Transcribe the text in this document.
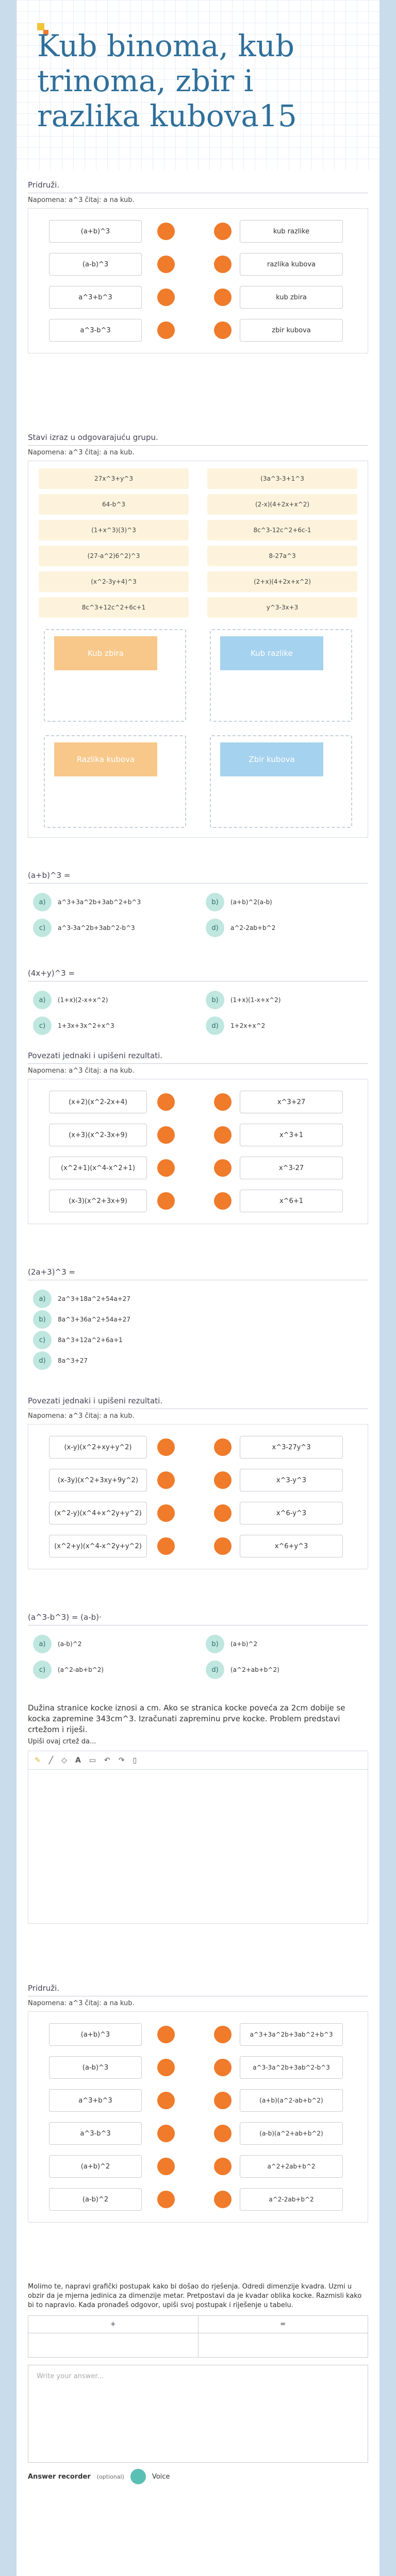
Kub binoma, kub trinoma, zbir i razlika kubova15
Pridruži.
Napomena: a^3 čitaj: a na kub.
(a+b)^3	kub razlike
(a-b)^3	razlika kubova
a^3+b^3	kub zbira
a^3-b^3	zbir kubova
Stavi izraz u odgovarajuću grupu.
Napomena: a^3 čitaj: a na kub.
27x^3+y^3	(3a^3-3+1^3
64-b^3	(2-x)(4+2x+x^2)
(1+x^3)(3)^3	8c^3-12c^2+6c-1
(27-a^2)6^2)^3	8-27a^3
(x^2-3y+4)^3	(2+x)(4+2x+x^2)
8c^3+12c^2+6c+1	y^3-3x+3
Kub zbira	Kub razlike
Razlika kubova	Zbir kubova
(a+b)^3 =
a)	a^3+3a^2b+3ab^2+b^3	b)	(a+b)^2(a-b)
c)	a^3-3a^2b+3ab^2-b^3	d)	a^2-2ab+b^2
(4x+y)^3 =
a)	(1+x)(2-x+x^2)	b)	(1+x)(1-x+x^2)
c)	1+3x+3x^2+x^3	d)	1+2x+x^2
Povezati jednaki i upišeni rezultati.
Napomena: a^3 čitaj: a na kub.
(x+2)(x^2-2x+4)	x^3+27
(x+3)(x^2-3x+9)	x^3+1
(x^2+1)(x^4-x^2+1)	x^3-27
(x-3)(x^2+3x+9)	x^6+1
(2a+3)^3 =
a)	2a^3+18a^2+54a+27
b)	8a^3+36a^2+54a+27
c)	8a^3+12a^2+6a+1
d)	8a^3+27
Povezati jednaki i upišeni rezultati.
Napomena: a^3 čitaj: a na kub.
(x-y)(x^2+xy+y^2)	x^3-27y^3
(x-3y)(x^2+3xy+9y^2)	x^3-y^3
(x^2-y)(x^4+x^2y+y^2)	x^6-y^3
(x^2+y)(x^4-x^2y+y^2)	x^6+y^3
(a^3-b^3) = (a-b)·
a)	(a-b)^2	b)	(a+b)^2
c)	(a^2-ab+b^2)	d)	(a^2+ab+b^2)
Dužina stranice kocke iznosi a cm. Ako se stranica kocke poveća za 2cm dobije se kocka zapremine 343cm^3. Izračunati zapreminu prve kocke. Problem predstavi crtežom i riješi.
Upiši ovaj crtež da...
✎ ╱ ◇ A ▭ ↶ ↷ ▯
Pridruži.
Napomena: a^3 čitaj: a na kub.
(a+b)^3	a^3+3a^2b+3ab^2+b^3
(a-b)^3	a^3-3a^2b+3ab^2-b^3
a^3+b^3	(a+b)(a^2-ab+b^2)
a^3-b^3	(a-b)(a^2+ab+b^2)
(a+b)^2	a^2+2ab+b^2
(a-b)^2	a^2-2ab+b^2
Molimo te, napravi grafički postupak kako bi došao do rješenja. Odredi dimenzije kvadra. Uzmi u obzir da je mjerna jedinica za dimenzije metar. Pretpostavi da je kvadar oblika kocke. Razmisli kako bi to napravio. Kada pronađeš odgovor, upiši svoj postupak i riješenje u tabelu.
+	=
Write your answer...
Answer recorder (optional)	Voice
